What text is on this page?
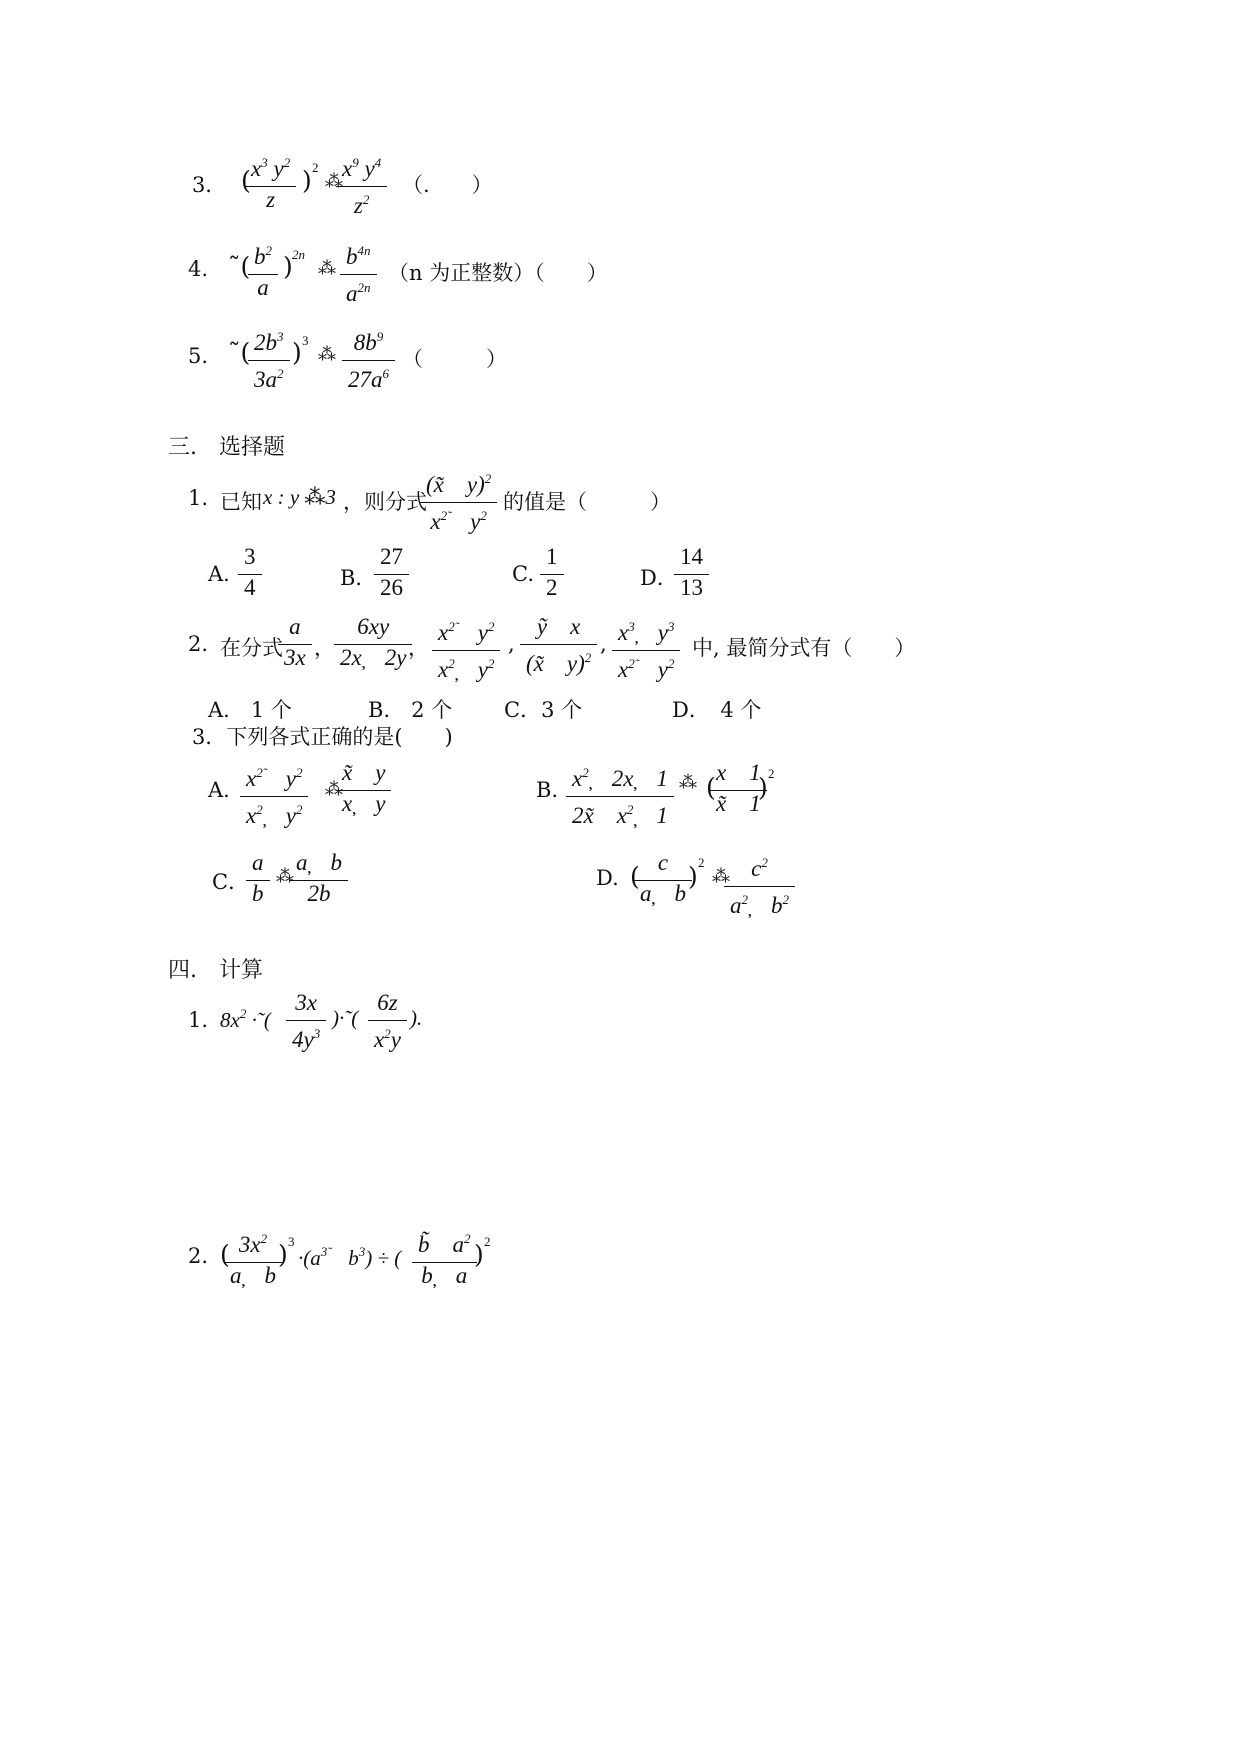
3． (
$\frac{x^3 y^2}{z}$ ) 2
⁂
$\frac{x^9 y^4}{z^2}$ （.　　）
4. ˜(
$\frac{b^2}{a}$ ) 2n
⁂ $\frac{b^{4n}}{a^{2n}} (n$ 为正整数）（　　）
5. ˜(
$\frac{2b^3}{3a^2}$ ) 3
⁂ $\frac{8b^9}{27a^6}$ （　　　）
三.　选择题
1. 已知 x : y ⁂3 ，则分式
$\frac{(x̃ y)^2}{x^{2̃} y^2}$ 的值是（　　　）
A. $\frac{3}{4}$	B．
$\frac{27}{26}$	C. $\frac{1}{2}$	D．
$\frac{14}{13}$
2. 在分式
$\frac{a}{3x}$ ， $\frac{6xy}{2x̦ 2y}$
， $\frac{x^{2̃} y^2}{x^2̦ y^2}$ , $\frac{\text{ỹ　x}}{(x̃ y)^2}$ , $\frac{x^3̦ y^3}{x^{2̃} y^2}$ 中, 最简分式有（　　）
A.　1 个	B.　2 个 C．3 个	D．　4 个
3．下列各式正确的是(　　)
A. $\frac{x^{2̃} y^2}{x^2̦ y^2}$ ⁂
$\frac{x̃ y}{x̦ y}$	B. $\frac{x^2̦ 2x̦ 1}{2x̃ x^2̦ 1}$ ⁂ (
$\frac{x 1}{x̃ 1}$
) 2
C．
$\frac{a}{b}$ ⁂
$\frac{a̦ b}{2b}$	D. (
$\frac{c}{a̦ b}$
) 2
⁂
$\frac{c^2}{a^2̦ b^2}$
四.　计算
1. $8x^2$ ·˜( $\frac{3x}{4y^3}$ )·˜( $\frac{6z}{x^2y}$ ).
2. (
$\frac{3x^2}{a̦ b}$
) 3
$\cdot(a^{3̃}$　$b^3$) ÷ ( $\frac{b̃ a^2}{b̦ a}$
) 2
